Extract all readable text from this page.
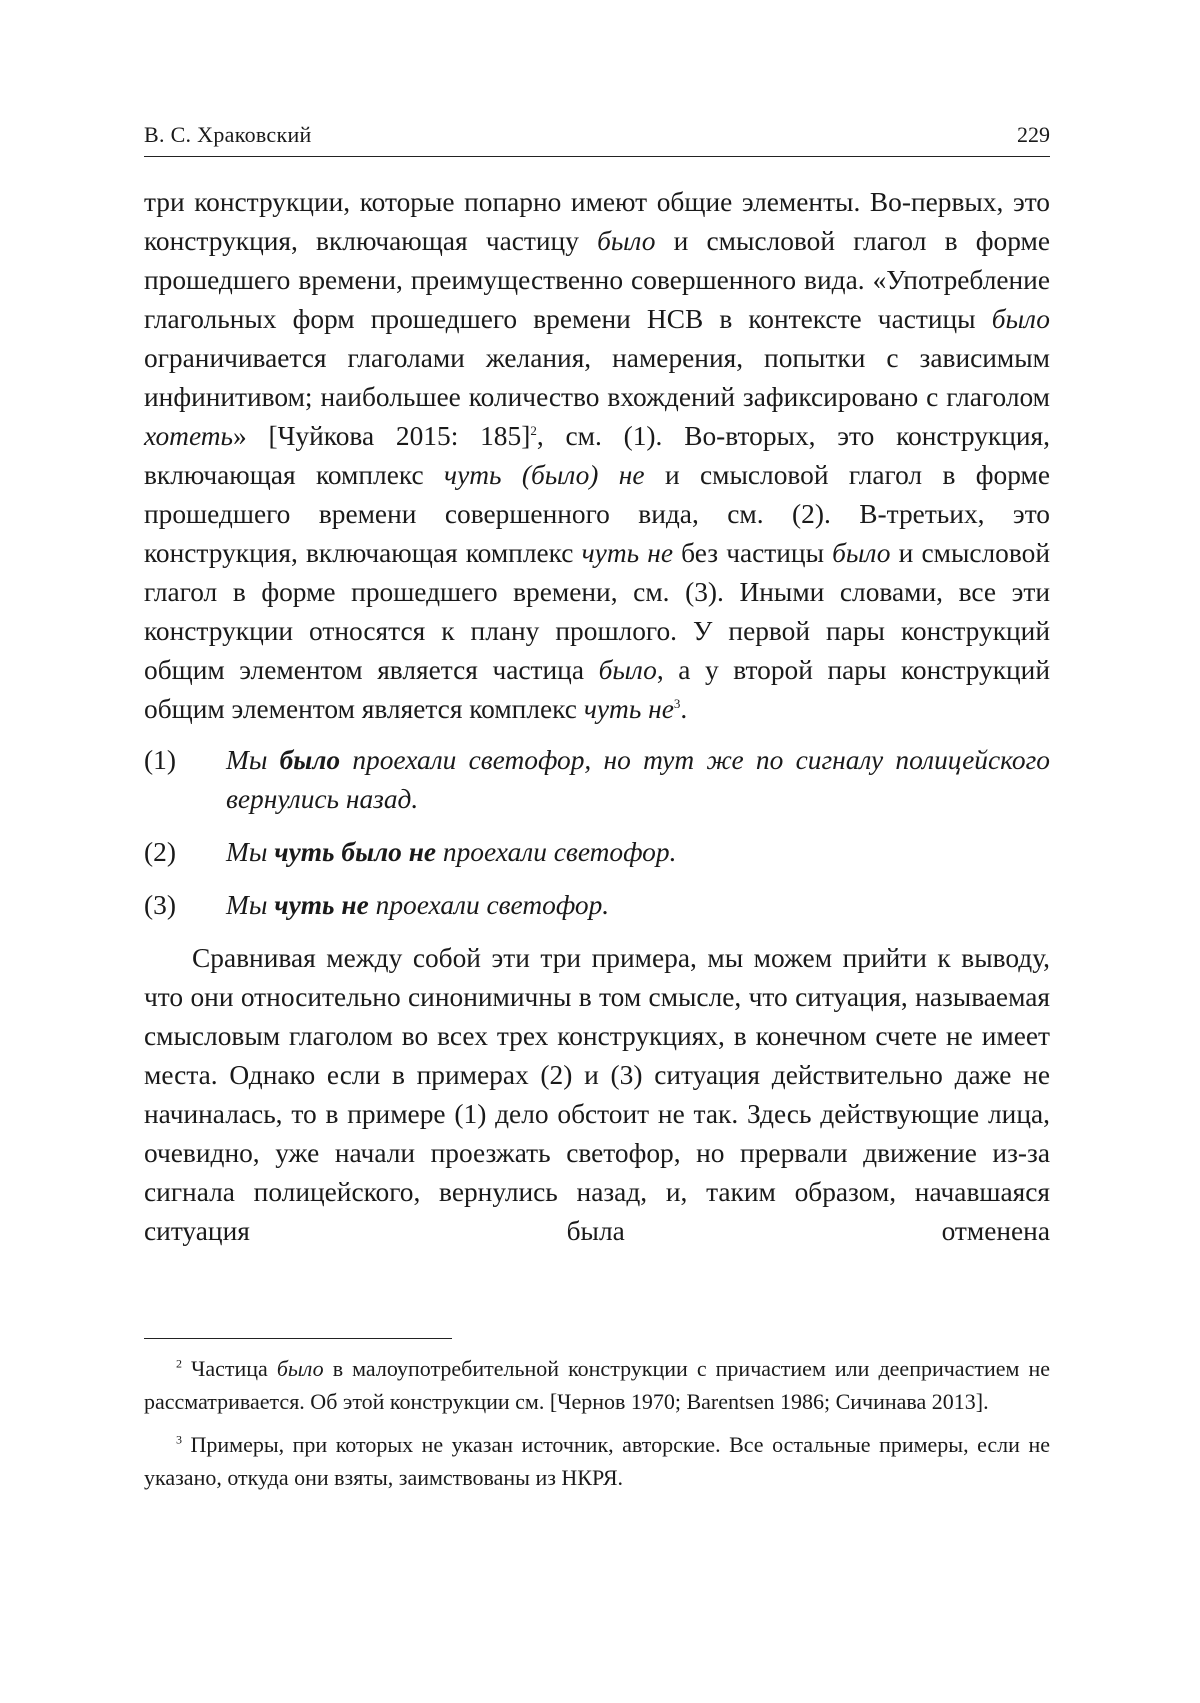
В. С. Храковский	229

три конструкции, которые попарно имеют общие элементы. Во-первых, это конструкция, включающая частицу было и смысловой глагол в форме прошедшего времени, преимущественно совершенного вида. «Употребление глагольных форм прошедшего времени НСВ в контексте частицы было ограничивается глаголами желания, намерения, попытки с зависимым инфинитивом; наибольшее количество вхождений зафиксировано с глаголом хотеть» [Чуйкова 2015: 185]2, см. (1). Во-вторых, это конструкция, включающая комплекс чуть (было) не и смысловой глагол в форме прошедшего времени совершенного вида, см. (2). В-третьих, это конструкция, включающая комплекс чуть не без частицы было и смысловой глагол в форме прошедшего времени, см. (3). Иными словами, все эти конструкции относятся к плану прошлого. У первой пары конструкций общим элементом является частица было, а у второй пары конструкций общим элементом является комплекс чуть не3.

(1)	Мы было проехали светофор, но тут же по сигналу полицейского вернулись назад.
(2)	Мы чуть было не проехали светофор.
(3)	Мы чуть не проехали светофор.

Сравнивая между собой эти три примера, мы можем прийти к выводу, что они относительно синонимичны в том смысле, что ситуация, называемая смысловым глаголом во всех трех конструкциях, в конечном счете не имеет места. Однако если в примерах (2) и (3) ситуация действительно даже не начиналась, то в примере (1) дело обстоит не так. Здесь действующие лица, очевидно, уже начали проезжать светофор, но прервали движение из-за сигнала полицейского, вернулись назад, и, таким образом, начавшаяся ситуация была отменена

2 Частица было в малоупотребительной конструкции с причастием или деепричастием не рассматривается. Об этой конструкции см. [Чернов 1970; Barentsen 1986; Сичинава 2013].

3 Примеры, при которых не указан источник, авторские. Все остальные примеры, если не указано, откуда они взяты, заимствованы из НКРЯ.
